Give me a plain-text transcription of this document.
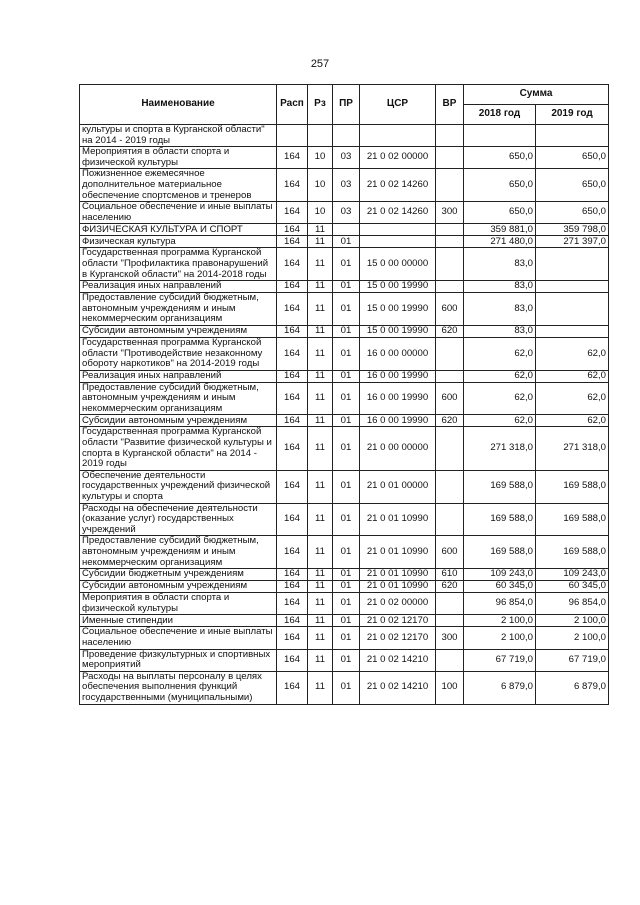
257
Наименование	Расп	Рз	ПР	ЦСР	ВР	Сумма	
						2018 год	2019 год
культуры и спорта в Курганской области" на 2014 - 2019 годы							
Мероприятия в области спорта и физической культуры	164	10	03	21 0 02 00000		650,0	650,0
Пожизненное ежемесячное дополнительное материальное обеспечение спортсменов и тренеров	164	10	03	21 0 02 14260		650,0	650,0
Социальное обеспечение и иные выплаты населению	164	10	03	21 0 02 14260	300	650,0	650,0
ФИЗИЧЕСКАЯ КУЛЬТУРА И СПОРТ	164	11				359 881,0	359 798,0
Физическая культура	164	11	01			271 480,0	271 397,0
Государственная программа Курганской области "Профилактика правонарушений в Курганской области" на 2014-2018 годы	164	11	01	15 0 00 00000		83,0	
Реализация иных направлений	164	11	01	15 0 00 19990		83,0	
Предоставление субсидий бюджетным, автономным учреждениям и иным некоммерческим организациям	164	11	01	15 0 00 19990	600	83,0	
Субсидии автономным учреждениям	164	11	01	15 0 00 19990	620	83,0	
Государственная программа Курганской области "Противодействие незаконному обороту наркотиков" на 2014-2019 годы	164	11	01	16 0 00 00000		62,0	62,0
Реализация иных направлений	164	11	01	16 0 00 19990		62,0	62,0
Предоставление субсидий бюджетным, автономным учреждениям и иным некоммерческим организациям	164	11	01	16 0 00 19990	600	62,0	62,0
Субсидии автономным учреждениям	164	11	01	16 0 00 19990	620	62,0	62,0
Государственная программа Курганской области "Развитие физической культуры и спорта в Курганской области" на 2014 - 2019 годы	164	11	01	21 0 00 00000		271 318,0	271 318,0
Обеспечение деятельности государственных учреждений физической культуры и спорта	164	11	01	21 0 01 00000		169 588,0	169 588,0
Расходы на обеспечение деятельности (оказание услуг) государственных учреждений	164	11	01	21 0 01 10990		169 588,0	169 588,0
Предоставление субсидий бюджетным, автономным учреждениям и иным некоммерческим организациям	164	11	01	21 0 01 10990	600	169 588,0	169 588,0
Субсидии бюджетным учреждениям	164	11	01	21 0 01 10990	610	109 243,0	109 243,0
Субсидии автономным учреждениям	164	11	01	21 0 01 10990	620	60 345,0	60 345,0
Мероприятия в области спорта и физической культуры	164	11	01	21 0 02 00000		96 854,0	96 854,0
Именные стипендии	164	11	01	21 0 02 12170		2 100,0	2 100,0
Социальное обеспечение и иные выплаты населению	164	11	01	21 0 02 12170	300	2 100,0	2 100,0
Проведение физкультурных и спортивных мероприятий	164	11	01	21 0 02 14210		67 719,0	67 719,0
Расходы на выплаты персоналу в целях обеспечения выполнения функций государственными (муниципальными)	164	11	01	21 0 02 14210	100	6 879,0	6 879,0
